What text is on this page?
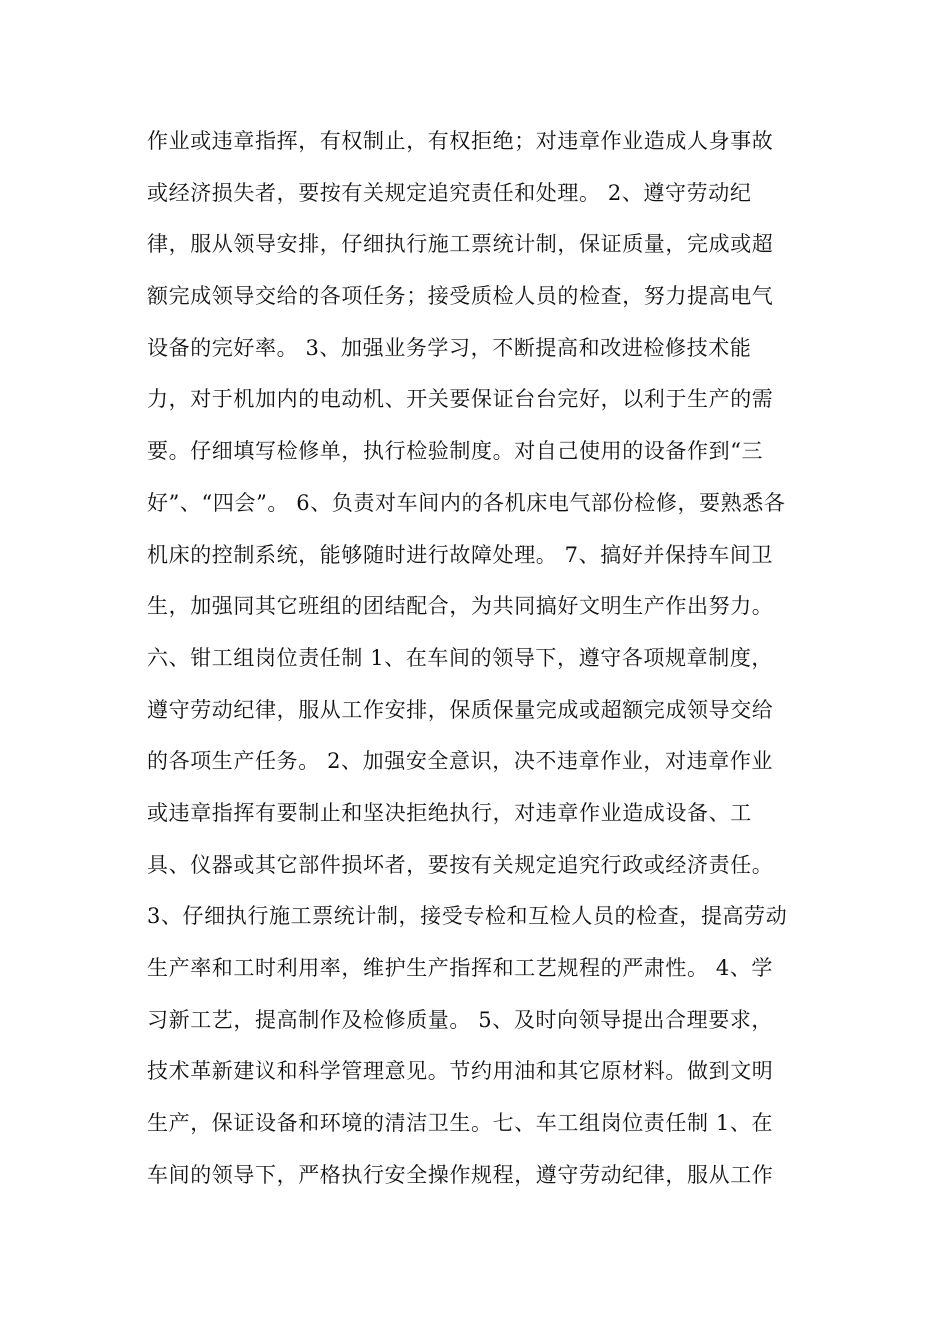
作业或违章指挥，有权制止，有权拒绝；对违章作业造成人身事故
或经济损失者，要按有关规定追究责任和处理。 2、遵守劳动纪
律，服从领导安排，仔细执行施工票统计制，保证质量，完成或超
额完成领导交给的各项任务；接受质检人员的检查，努力提高电气
设备的完好率。 3、加强业务学习，不断提高和改进检修技术能
力，对于机加内的电动机、开关要保证台台完好，以利于生产的需
要。仔细填写检修单，执行检验制度。对自己使用的设备作到“三
好”、“四会”。 6、负责对车间内的各机床电气部份检修，要熟悉各
机床的控制系统，能够随时进行故障处理。 7、搞好并保持车间卫
生，加强同其它班组的团结配合，为共同搞好文明生产作出努力。
六、钳工组岗位责任制 1、在车间的领导下，遵守各项规章制度，
遵守劳动纪律，服从工作安排，保质保量完成或超额完成领导交给
的各项生产任务。 2、加强安全意识，决不违章作业，对违章作业
或违章指挥有要制止和坚决拒绝执行，对违章作业造成设备、工
具、仪器或其它部件损坏者，要按有关规定追究行政或经济责任。
3、仔细执行施工票统计制，接受专检和互检人员的检查，提高劳动
生产率和工时利用率，维护生产指挥和工艺规程的严肃性。 4、学
习新工艺，提高制作及检修质量。 5、及时向领导提出合理要求，
技术革新建议和科学管理意见。节约用油和其它原材料。做到文明
生产，保证设备和环境的清洁卫生。七、车工组岗位责任制 1、在
车间的领导下，严格执行安全操作规程，遵守劳动纪律，服从工作
